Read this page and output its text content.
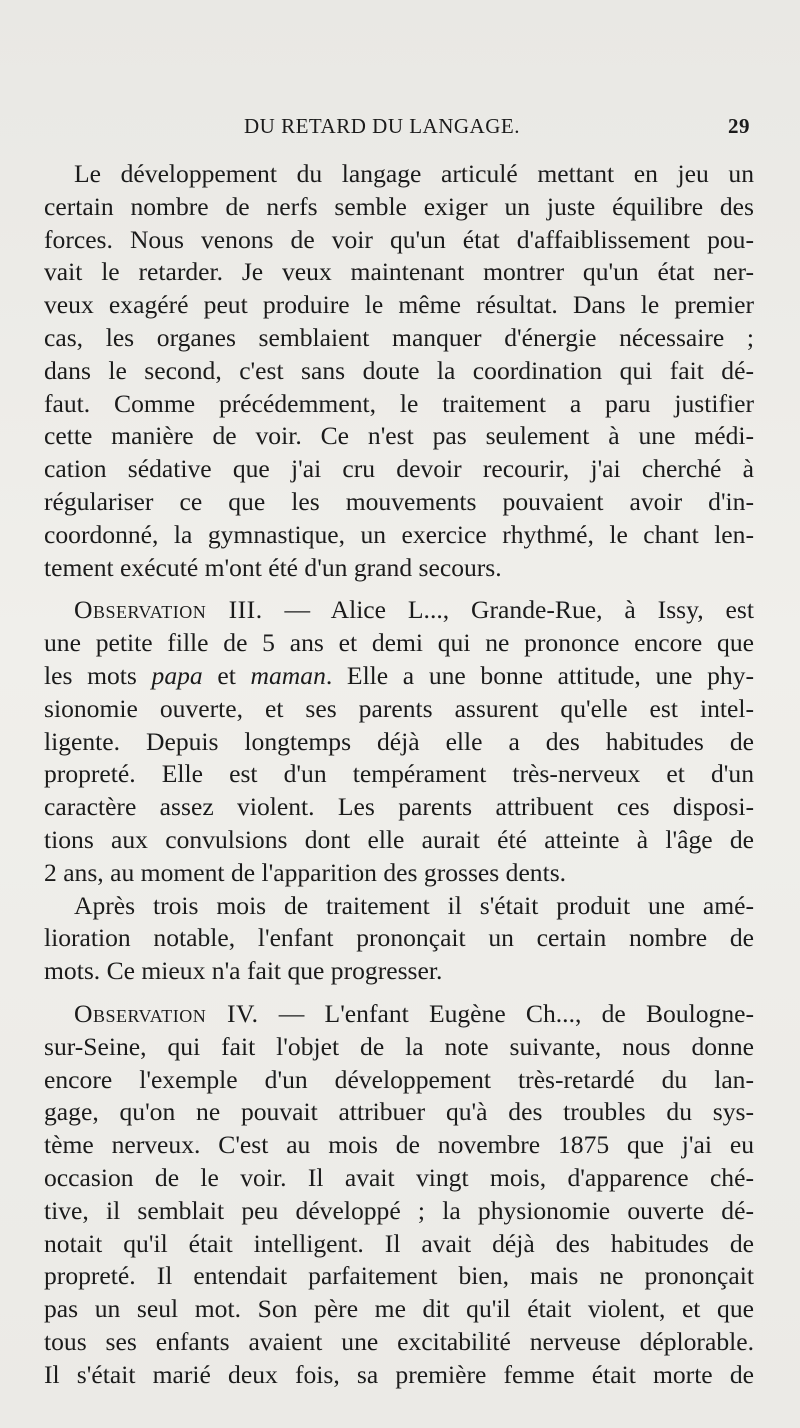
DU RETARD DU LANGAGE.	29
Le développement du langage articulé mettant en jeu un
certain nombre de nerfs semble exiger un juste équilibre des
forces. Nous venons de voir qu'un état d'affaiblissement pou-
vait le retarder. Je veux maintenant montrer qu'un état ner-
veux exagéré peut produire le même résultat. Dans le premier
cas, les organes semblaient manquer d'énergie nécessaire ;
dans le second, c'est sans doute la coordination qui fait dé-
faut. Comme précédemment, le traitement a paru justifier
cette manière de voir. Ce n'est pas seulement à une médi-
cation sédative que j'ai cru devoir recourir, j'ai cherché à
régulariser ce que les mouvements pouvaient avoir d'in-
coordonné, la gymnastique, un exercice rhythmé, le chant len-
tement exécuté m'ont été d'un grand secours.
Observation III. — Alice L..., Grande-Rue, à Issy, est
une petite fille de 5 ans et demi qui ne prononce encore que
les mots papa et maman. Elle a une bonne attitude, une phy-
sionomie ouverte, et ses parents assurent qu'elle est intel-
ligente. Depuis longtemps déjà elle a des habitudes de
propreté. Elle est d'un tempérament très-nerveux et d'un
caractère assez violent. Les parents attribuent ces disposi-
tions aux convulsions dont elle aurait été atteinte à l'âge de
2 ans, au moment de l'apparition des grosses dents.
Après trois mois de traitement il s'était produit une amé-
lioration notable, l'enfant prononçait un certain nombre de
mots. Ce mieux n'a fait que progresser.
Observation IV. — L'enfant Eugène Ch..., de Boulogne-
sur-Seine, qui fait l'objet de la note suivante, nous donne
encore l'exemple d'un développement très-retardé du lan-
gage, qu'on ne pouvait attribuer qu'à des troubles du sys-
tème nerveux. C'est au mois de novembre 1875 que j'ai eu
occasion de le voir. Il avait vingt mois, d'apparence ché-
tive, il semblait peu développé ; la physionomie ouverte dé-
notait qu'il était intelligent. Il avait déjà des habitudes de
propreté. Il entendait parfaitement bien, mais ne prononçait
pas un seul mot. Son père me dit qu'il était violent, et que
tous ses enfants avaient une excitabilité nerveuse déplorable.
Il s'était marié deux fois, sa première femme était morte de
